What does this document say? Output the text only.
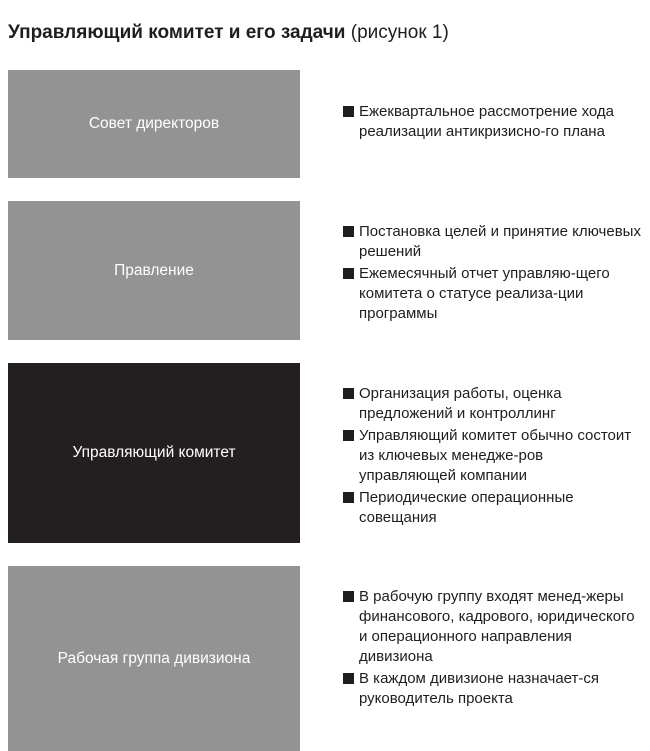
Управляющий комитет и его задачи (рисунок 1)
Совет директоров
Ежеквартальное рассмотрение хода реализации антикризисно-го плана
Правление
Постановка целей и принятие ключевых решений
Ежемесячный отчет управляю-щего комитета о статусе реализа-ции программы
Управляющий комитет
Организация работы, оценка предложений и контроллинг
Управляющий комитет обычно состоит из ключевых менедже-ров управляющей компании
Периодические операционные совещания
Рабочая группа дивизиона
В рабочую группу входят менед-жеры финансового, кадрового, юридического и операционного направления дивизиона
В каждом дивизионе назначает-ся руководитель проекта
